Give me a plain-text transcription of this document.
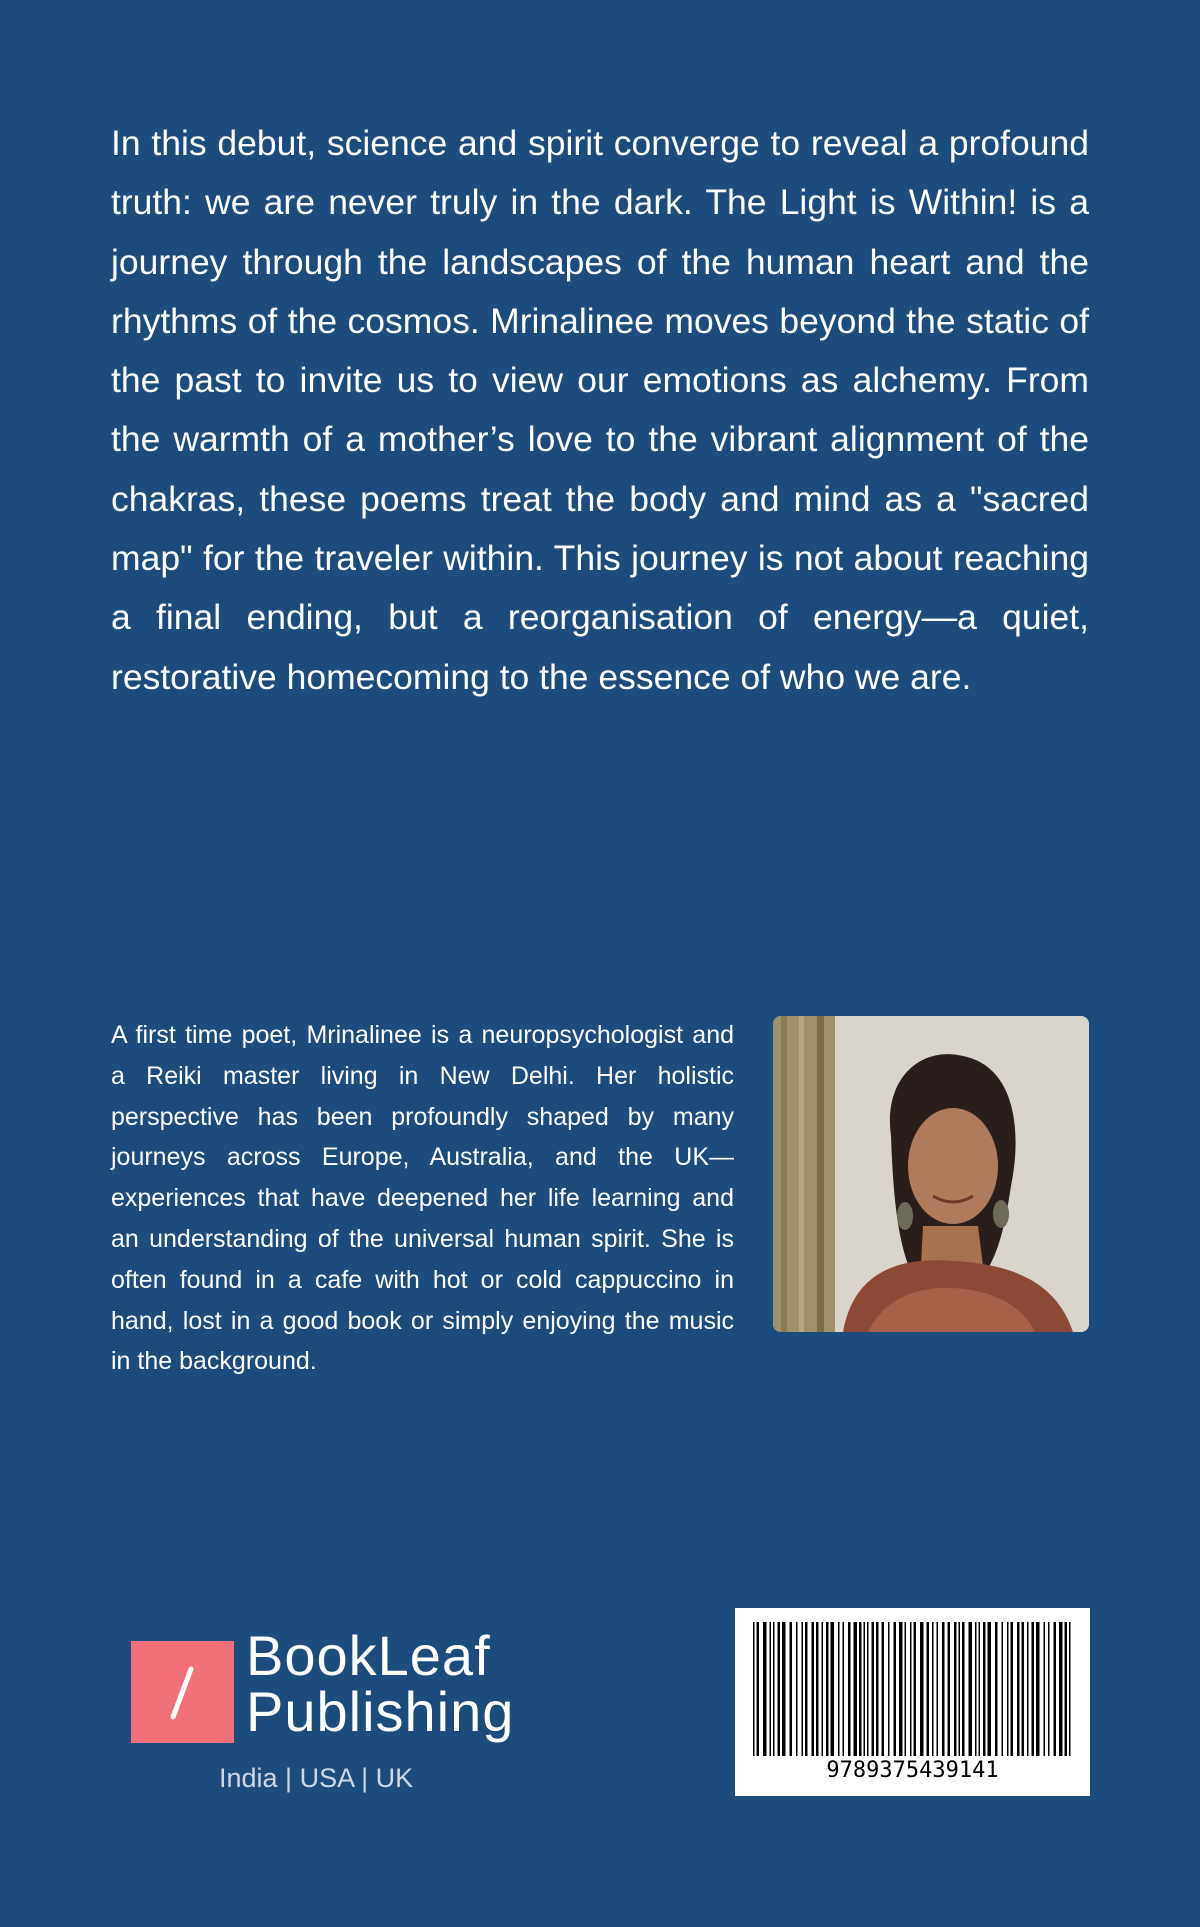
In this debut, science and spirit converge to reveal a profound truth: we are never truly in the dark. The Light is Within! is a journey through the landscapes of the human heart and the rhythms of the cosmos. Mrinalinee moves beyond the static of the past to invite us to view our emotions as alchemy. From the warmth of a mother’s love to the vibrant alignment of the chakras, these poems treat the body and mind as a "sacred map" for the traveler within. This journey is not about reaching a final ending, but a reorganisation of energy—a quiet, restorative homecoming to the essence of who we are.

A first time poet, Mrinalinee is a neuropsychologist and a Reiki master living in New Delhi. Her holistic perspective has been profoundly shaped by many journeys across Europe, Australia, and the UK—experiences that have deepened her life learning and an understanding of the universal human spirit. She is often found in a cafe with hot or cold cappuccino in hand, lost in a good book or simply enjoying the music in the background.

BookLeaf
Publishing
India | USA | UK	9789375439141
